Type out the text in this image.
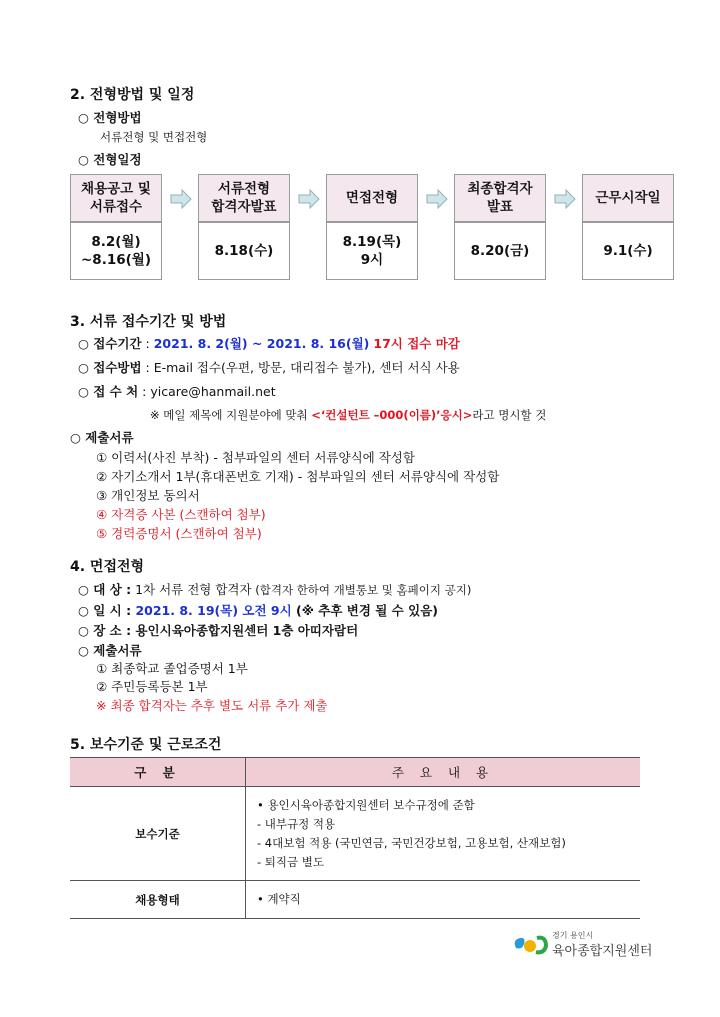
2. 전형방법 및 일정
○ 전형방법
서류전형 및 면접전형
○ 전형일정
채용공고 및
서류접수
8.2(월)
~8.16(월)
서류전형
합격자발표
8.18(수)
면접전형
8.19(목)
9시
최종합격자
발표
8.20(금)
근무시작일
9.1(수)
3. 서류 접수기간 및 방법
○ 접수기간 : 2021. 8. 2(월) ~ 2021. 8. 16(월) 17시 접수 마감
○ 접수방법 : E-mail 접수(우편, 방문, 대리접수 불가), 센터 서식 사용
○ 접 수 처 : yicare@hanmail.net
※ 메일 제목에 지원분야에 맞춰 <‘컨설턴트 –000(이름)’응시>라고 명시할 것
○ 제출서류
① 이력서(사진 부착) - 첨부파일의 센터 서류양식에 작성함
② 자기소개서 1부(휴대폰번호 기재) - 첨부파일의 센터 서류양식에 작성함
③ 개인정보 동의서
④ 자격증 사본 (스캔하여 첨부)
⑤ 경력증명서 (스캔하여 첨부)
4. 면접전형
○ 대 상 : 1차 서류 전형 합격자 (합격자 한하여 개별통보 및 홈페이지 공지)
○ 일 시 : 2021. 8. 19(목) 오전 9시 (※ 추후 변경 될 수 있음)
○ 장 소 : 용인시육아종합지원센터 1층 아띠자람터
○ 제출서류
① 최종학교 졸업증명서 1부
② 주민등록등본 1부
※ 최종 합격자는 추후 별도 서류 추가 제출
5. 보수기준 및 근로조건
구 분	주 요 내 용
보수기준	• 용인시육아종합지원센터 보수규정에 준함
- 내부규정 적용
- 4대보험 적용 (국민연금, 국민건강보험, 고용보험, 산재보험)
- 퇴직금 별도

채용형태	• 계약직
경기 용인시
육아종합지원센터
